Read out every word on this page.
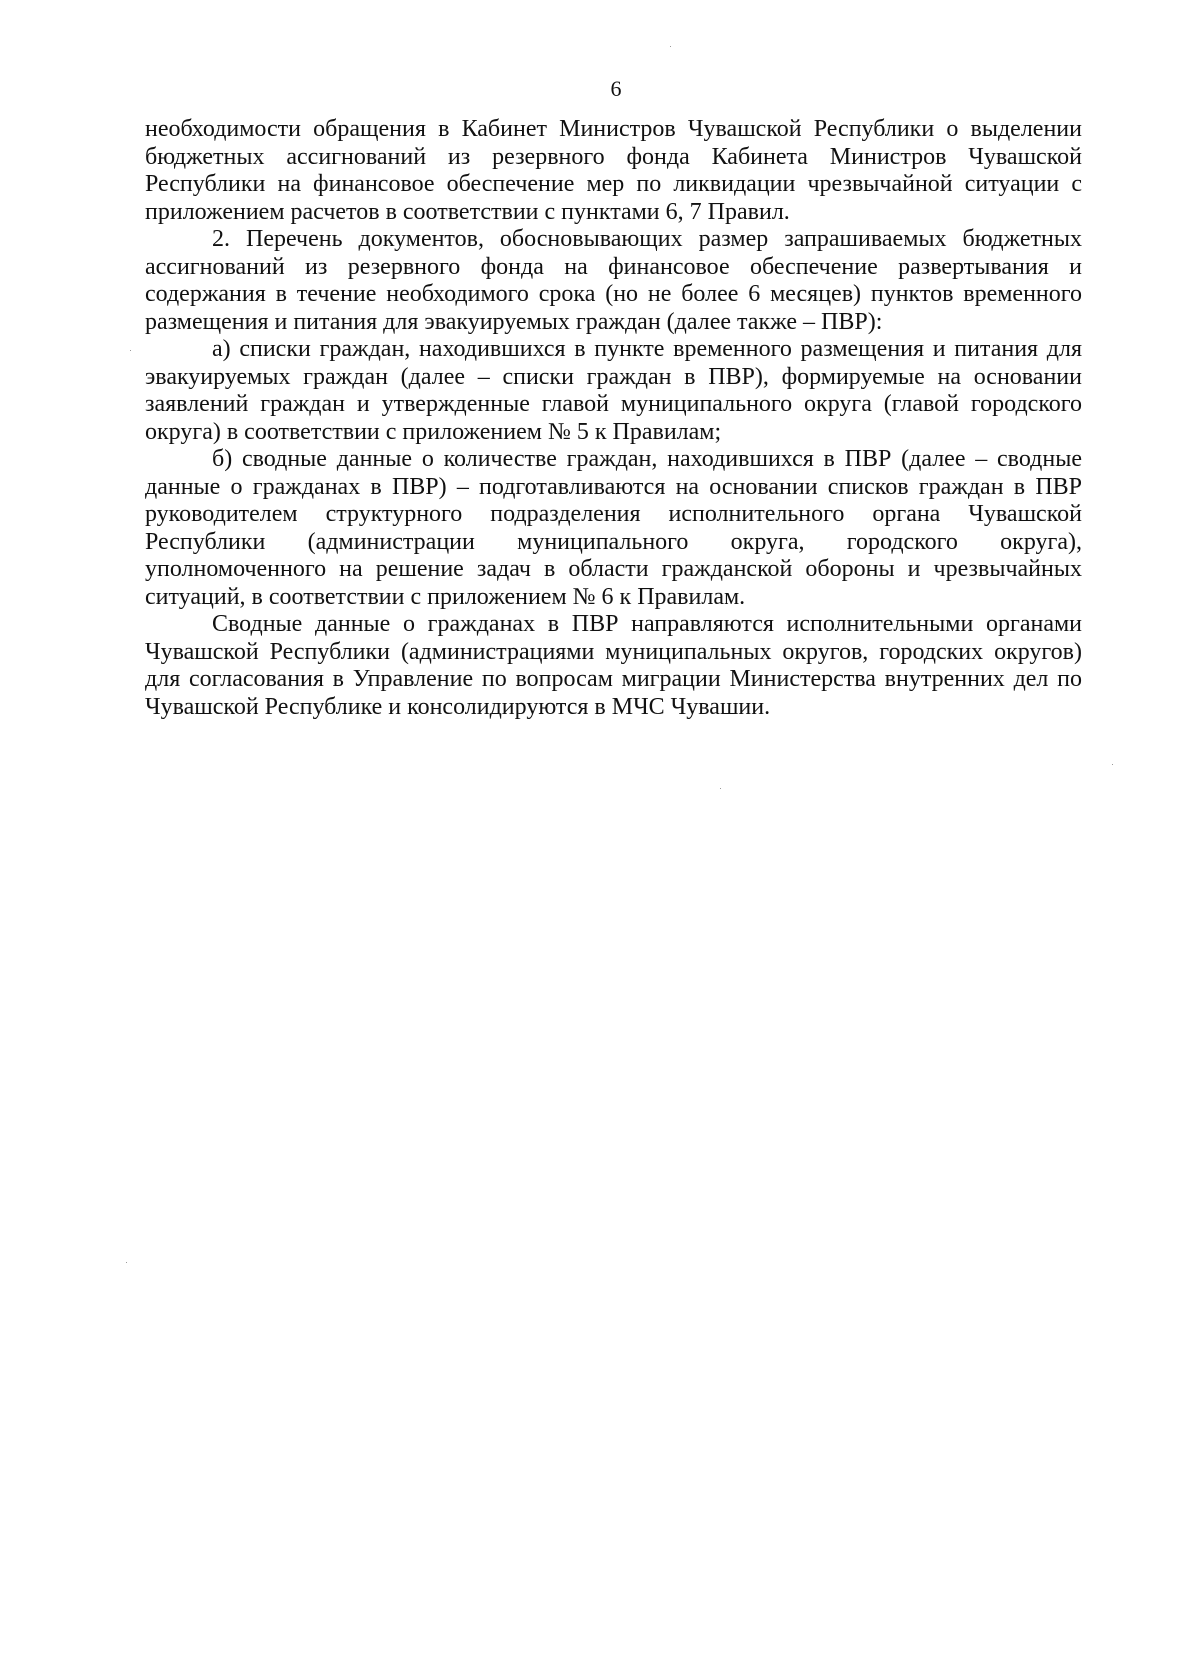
6

необходимости обращения в Кабинет Министров Чувашской Республики о выделении бюджетных ассигнований из резервного фонда Кабинета Министров Чувашской Республики на финансовое обеспечение мер по ликвидации чрезвычайной ситуации с приложением расчетов в соответствии с пунктами 6, 7 Правил.

2. Перечень документов, обосновывающих размер запрашиваемых бюджетных ассигнований из резервного фонда на финансовое обеспечение развертывания и содержания в течение необходимого срока (но не более 6 месяцев) пунктов временного размещения и питания для эвакуируемых граждан (далее также – ПВР):

а) списки граждан, находившихся в пункте временного размещения и питания для эвакуируемых граждан (далее – списки граждан в ПВР), формируемые на основании заявлений граждан и утвержденные главой муниципального округа (главой городского округа) в соответствии с приложением № 5 к Правилам;

б) сводные данные о количестве граждан, находившихся в ПВР (далее – сводные данные о гражданах в ПВР) – подготавливаются на основании списков граждан в ПВР руководителем структурного подразделения исполнительного органа Чувашской Республики (администрации муниципального округа, городского округа), уполномоченного на решение задач в области гражданской обороны и чрезвычайных ситуаций, в соответствии с приложением № 6 к Правилам.

Сводные данные о гражданах в ПВР направляются исполнительными органами Чувашской Республики (администрациями муниципальных округов, городских округов) для согласования в Управление по вопросам миграции Министерства внутренних дел по Чувашской Республике и консолидируются в МЧС Чувашии.
